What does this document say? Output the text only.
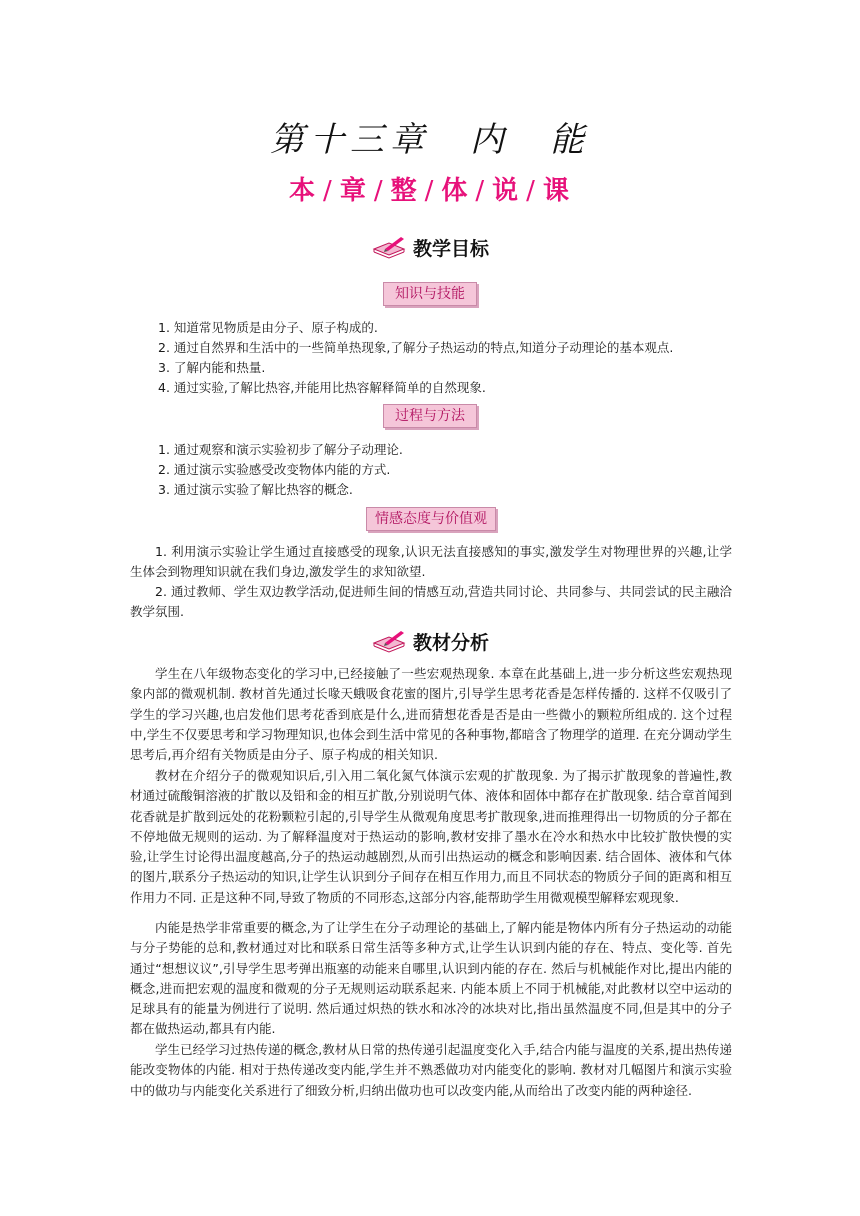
第十三章　内　能
本 / 章 / 整 / 体 / 说 / 课
教学目标
知识与技能
1. 知道常见物质是由分子、原子构成的.
2. 通过自然界和生活中的一些简单热现象,了解分子热运动的特点,知道分子动理论的基本观点.
3. 了解内能和热量.
4. 通过实验,了解比热容,并能用比热容解释简单的自然现象.
过程与方法
1. 通过观察和演示实验初步了解分子动理论.
2. 通过演示实验感受改变物体内能的方式.
3. 通过演示实验了解比热容的概念.
情感态度与价值观
1. 利用演示实验让学生通过直接感受的现象,认识无法直接感知的事实,激发学生对物理世界的兴趣,让学生体会到物理知识就在我们身边,激发学生的求知欲望.
2. 通过教师、学生双边教学活动,促进师生间的情感互动,营造共同讨论、共同参与、共同尝试的民主融洽教学氛围.
教材分析
学生在八年级物态变化的学习中,已经接触了一些宏观热现象. 本章在此基础上,进一步分析这些宏观热现象内部的微观机制. 教材首先通过长喙天蛾吸食花蜜的图片,引导学生思考花香是怎样传播的. 这样不仅吸引了学生的学习兴趣,也启发他们思考花香到底是什么,进而猜想花香是否是由一些微小的颗粒所组成的. 这个过程中,学生不仅要思考和学习物理知识,也体会到生活中常见的各种事物,都暗含了物理学的道理. 在充分调动学生思考后,再介绍有关物质是由分子、原子构成的相关知识.
教材在介绍分子的微观知识后,引入用二氧化氮气体演示宏观的扩散现象. 为了揭示扩散现象的普遍性,教材通过硫酸铜溶液的扩散以及铅和金的相互扩散,分别说明气体、液体和固体中都存在扩散现象. 结合章首闻到花香就是扩散到远处的花粉颗粒引起的,引导学生从微观角度思考扩散现象,进而推理得出一切物质的分子都在不停地做无规则的运动. 为了解释温度对于热运动的影响,教材安排了墨水在冷水和热水中比较扩散快慢的实验,让学生讨论得出温度越高,分子的热运动越剧烈,从而引出热运动的概念和影响因素. 结合固体、液体和气体的图片,联系分子热运动的知识,让学生认识到分子间存在相互作用力,而且不同状态的物质分子间的距离和相互作用力不同. 正是这种不同,导致了物质的不同形态,这部分内容,能帮助学生用微观模型解释宏观现象.
内能是热学非常重要的概念,为了让学生在分子动理论的基础上,了解内能是物体内所有分子热运动的动能与分子势能的总和,教材通过对比和联系日常生活等多种方式,让学生认识到内能的存在、特点、变化等. 首先通过“想想议议”,引导学生思考弹出瓶塞的动能来自哪里,认识到内能的存在. 然后与机械能作对比,提出内能的概念,进而把宏观的温度和微观的分子无规则运动联系起来. 内能本质上不同于机械能,对此教材以空中运动的足球具有的能量为例进行了说明. 然后通过炽热的铁水和冰冷的冰块对比,指出虽然温度不同,但是其中的分子都在做热运动,都具有内能.
学生已经学习过热传递的概念,教材从日常的热传递引起温度变化入手,结合内能与温度的关系,提出热传递能改变物体的内能. 相对于热传递改变内能,学生并不熟悉做功对内能变化的影响. 教材对几幅图片和演示实验中的做功与内能变化关系进行了细致分析,归纳出做功也可以改变内能,从而给出了改变内能的两种途径.
